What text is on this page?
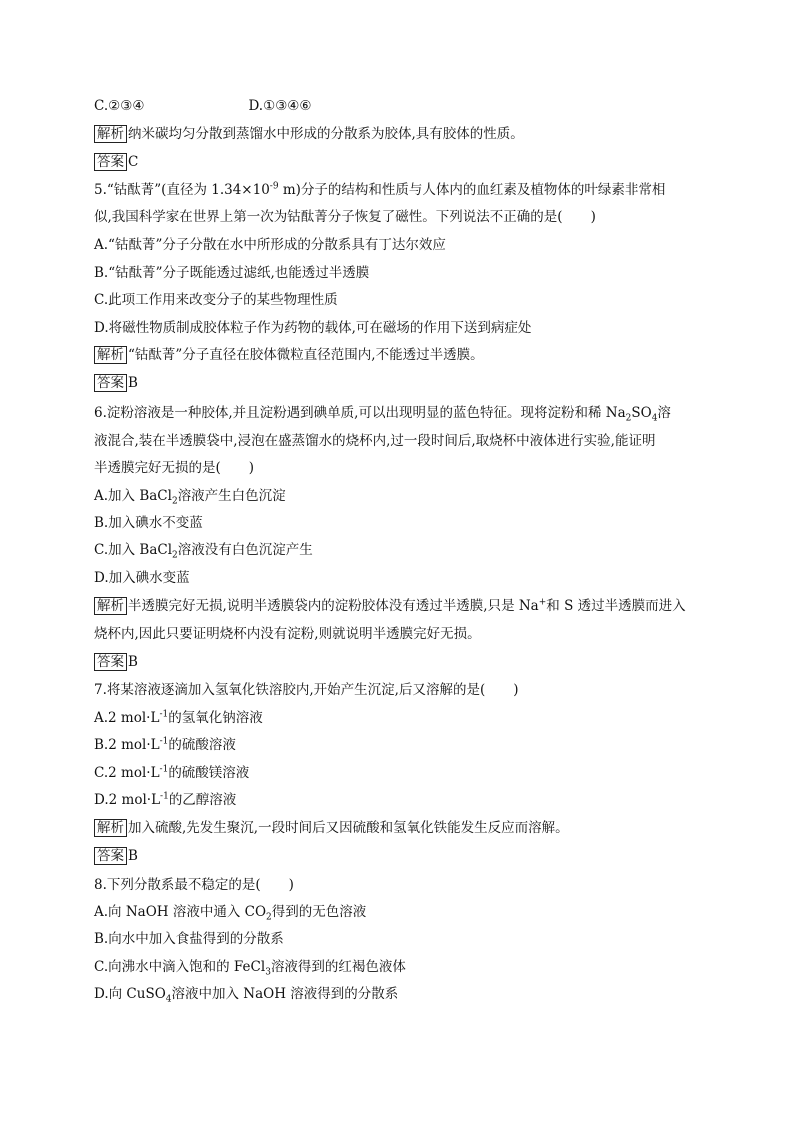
C.②③④	D.①③④⑥
解析 纳米碳均匀分散到蒸馏水中形成的分散系为胶体,具有胶体的性质。
答案 C
5.“钴酞菁”(直径为 $1.34\times 10^{-9}$ m)分子的结构和性质与人体内的血红素及植物体的叶绿素非常相
似,我国科学家在世界上第一次为钴酞菁分子恢复了磁性。下列说法不正确的是( )
A.“钴酞菁”分子分散在水中所形成的分散系具有丁达尔效应
B.“钴酞菁”分子既能透过滤纸,也能透过半透膜
C.此项工作用来改变分子的某些物理性质
D.将磁性物质制成胶体粒子作为药物的载体,可在磁场的作用下送到病症处
解析 “钴酞菁”分子直径在胶体微粒直径范围内,不能透过半透膜。
答案 B
6.淀粉溶液是一种胶体,并且淀粉遇到碘单质,可以出现明显的蓝色特征。现将淀粉和稀 $Na_2SO_4$溶
液混合,装在半透膜袋中,浸泡在盛蒸馏水的烧杯内,过一段时间后,取烧杯中液体进行实验,能证明
半透膜完好无损的是( )
A.加入 BaCl$_2$溶液产生白色沉淀
B.加入碘水不变蓝
C.加入 BaCl$_2$溶液没有白色沉淀产生
D.加入碘水变蓝
解析 半透膜完好无损,说明半透膜袋内的淀粉胶体没有透过半透膜,只是 Na+和 S 透过半透膜而进入
烧杯内,因此只要证明烧杯内没有淀粉,则就说明半透膜完好无损。
答案 B
7.将某溶液逐滴加入氢氧化铁溶胶内,开始产生沉淀,后又溶解的是( )
A.2 $mol\cdot L^{-1}$的氢氧化钠溶液
B.2 $mol\cdot L^{-1}$的硫酸溶液
C.2 $mol\cdot L^{-1}$的硫酸镁溶液
D.2 $mol\cdot L^{-1}$的乙醇溶液
解析 加入硫酸,先发生聚沉,一段时间后又因硫酸和氢氧化铁能发生反应而溶解。
答案 B
8.下列分散系最不稳定的是( )
A.向 NaOH 溶液中通入 $CO_2$得到的无色溶液
B.向水中加入食盐得到的分散系
C.向沸水中滴入饱和的 FeCl$_3$溶液得到的红褐色液体
D.向 CuSO$_4$溶液中加入 NaOH 溶液得到的分散系
